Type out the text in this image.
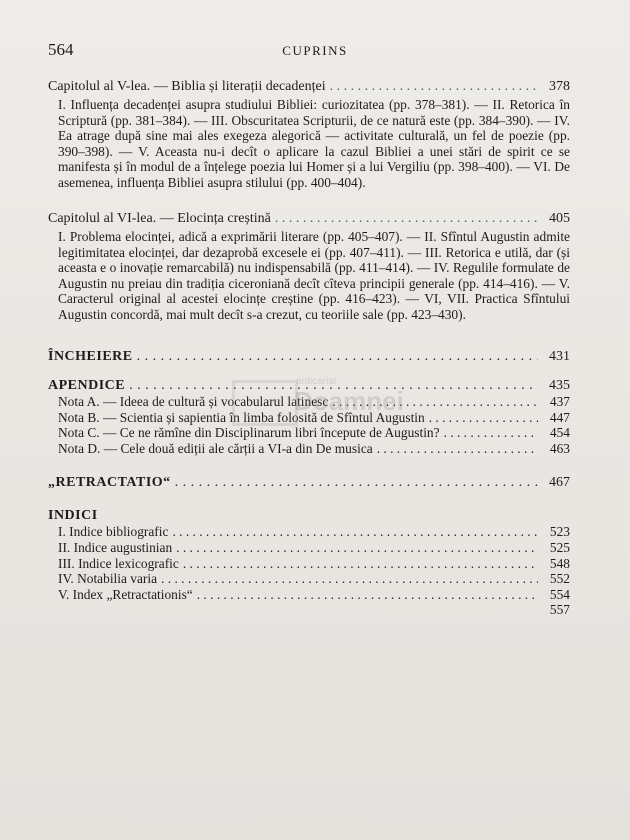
564	CUPRINS
Capitolul al V-lea. — Biblia și literații decadenței . . .	378
I. Influența decadenței asupra studiului Bibliei: curiozitatea (pp. 378–381). — II. Retorica în Scriptură (pp. 381–384). — III. Obscuritatea Scripturii, de ce natură este (pp. 384–390). — IV. Ea atrage după sine mai ales exegeza alegorică — activitate culturală, un fel de poezie (pp. 390–398). — V. Aceasta nu-i decît o aplicare la cazul Bibliei a unei stări de spirit ce se manifesta și în modul de a înțelege poezia lui Homer și a lui Vergiliu (pp. 398–400). — VI. De asemenea, influența Bibliei asupra stilului (pp. 400–404).
Capitolul al VI-lea. — Elocința creștină . . .	405
I. Problema elocinței, adică a exprimării literare (pp. 405–407). — II. Sfîntul Augustin admite legitimitatea elocinței, dar dezaprobă excesele ei (pp. 407–411). — III. Retorica e utilă, dar (și aceasta e o inovație remarcabilă) nu indispensabilă (pp. 411–414). — IV. Regulile formulate de Augustin nu preiau din tradiția ciceroniană decît cîteva principii generale (pp. 414–416). — V. Caracterul original al acestei elocințe creștine (pp. 416–423). — VI, VII. Practica Sfîntului Augustin concordă, mai mult decît s-a crezut, cu teoriile sale (pp. 423–430).
ÎNCHEIERE . . .	431
APENDICE . . .	435
Nota A. — Ideea de cultură și vocabularul latinesc . . .	437
Nota B. — Scientia și sapientia în limba folosită de Sfîntul Augustin . . .	447
Nota C. — Ce ne rămîne din Disciplinarum libri începute de Augustin? . . .	454
Nota D. — Cele două ediții ale cărții a VI-a din De musica . . .	463
„RETRACTATIO“ . . .	467
INDICI
I. Indice bibliografic . . .	523
II. Indice augustinian . . .	525
III. Indice lexicografic . . .	548
IV. Notabilia varia . . .	552
V. Index „Retractationis“ . . .	554
557
anticariat
Doamnei
